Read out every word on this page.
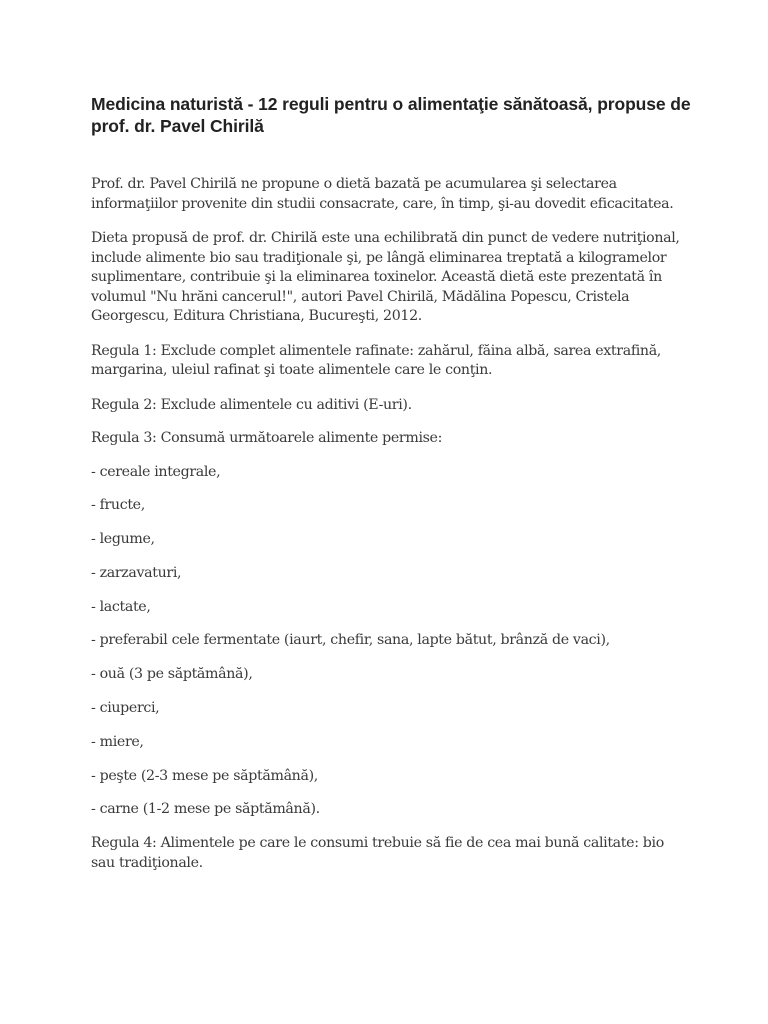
Medicina naturistă - 12 reguli pentru o alimentaţie sănătoasă, propuse de prof. dr. Pavel Chirilă

Prof. dr. Pavel Chirilă ne propune o dietă bazată pe acumularea şi selectarea informaţiilor provenite din studii consacrate, care, în timp, şi-au dovedit eficacitatea.

Dieta propusă de prof. dr. Chirilă este una echilibrată din punct de vedere nutriţional, include alimente bio sau tradiţionale şi, pe lângă eliminarea treptată a kilogramelor suplimentare, contribuie şi la eliminarea toxinelor. Această dietă este prezentată în volumul "Nu hrăni cancerul!", autori Pavel Chirilă, Mădălina Popescu, Cristela Georgescu, Editura Christiana, Bucureşti, 2012.

Regula 1: Exclude complet alimentele rafinate: zahărul, făina albă, sarea extrafină, margarina, uleiul rafinat şi toate alimentele care le conţin.

Regula 2: Exclude alimentele cu aditivi (E-uri).

Regula 3: Consumă următoarele alimente permise:

- cereale integrale,
- fructe,
- legume,
- zarzavaturi,
- lactate,
- preferabil cele fermentate (iaurt, chefir, sana, lapte bătut, brânză de vaci),
- ouă (3 pe săptămână),
- ciuperci,
- miere,
- peşte (2-3 mese pe săptămână),
- carne (1-2 mese pe săptămână).

Regula 4: Alimentele pe care le consumi trebuie să fie de cea mai bună calitate: bio sau tradiţionale.
